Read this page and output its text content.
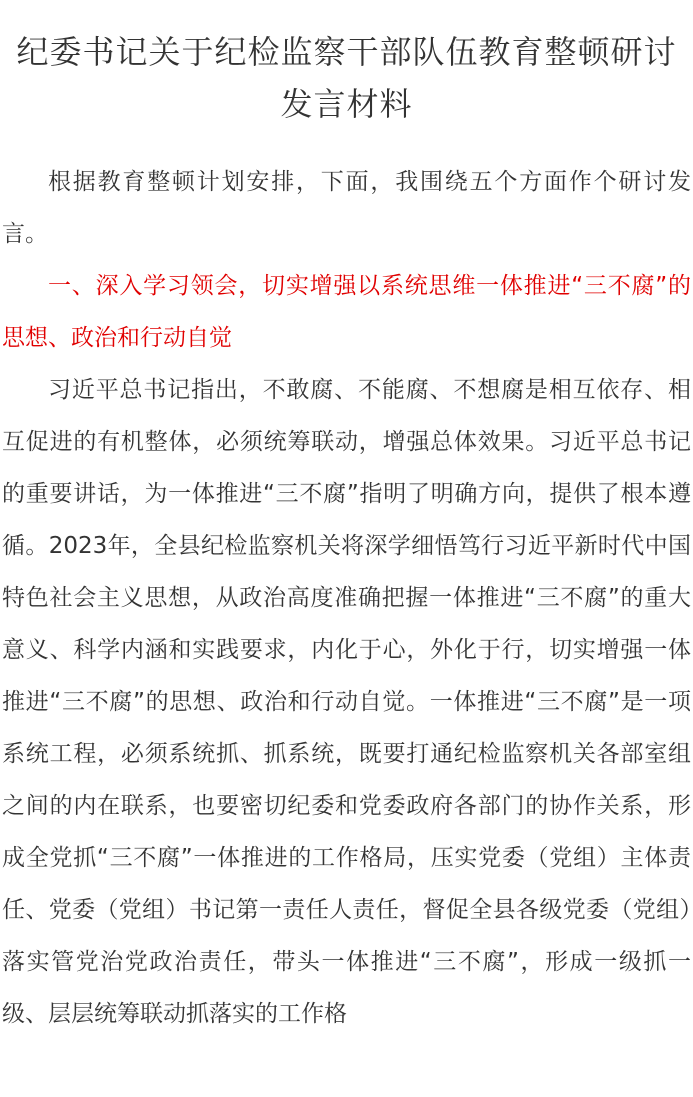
纪委书记关于纪检监察干部队伍教育整顿研讨发言材料

根据教育整顿计划安排，下面，我围绕五个方面作个研讨发言。

一、深入学习领会，切实增强以系统思维一体推进“三不腐”的思想、政治和行动自觉

习近平总书记指出，不敢腐、不能腐、不想腐是相互依存、相互促进的有机整体，必须统筹联动，增强总体效果。习近平总书记的重要讲话，为一体推进“三不腐”指明了明确方向，提供了根本遵循。2023年，全县纪检监察机关将深学细悟笃行习近平新时代中国特色社会主义思想，从政治高度准确把握一体推进“三不腐”的重大意义、科学内涵和实践要求，内化于心，外化于行，切实增强一体推进“三不腐”的思想、政治和行动自觉。一体推进“三不腐”是一项系统工程，必须系统抓、抓系统，既要打通纪检监察机关各部室组之间的内在联系，也要密切纪委和党委政府各部门的协作关系，形成全党抓“三不腐”一体推进的工作格局，压实党委（党组）主体责任、党委（党组）书记第一责任人责任，督促全县各级党委（党组）落实管党治党政治责任，带头一体推进“三不腐”，形成一级抓一级、层层统筹联动抓落实的工作格
